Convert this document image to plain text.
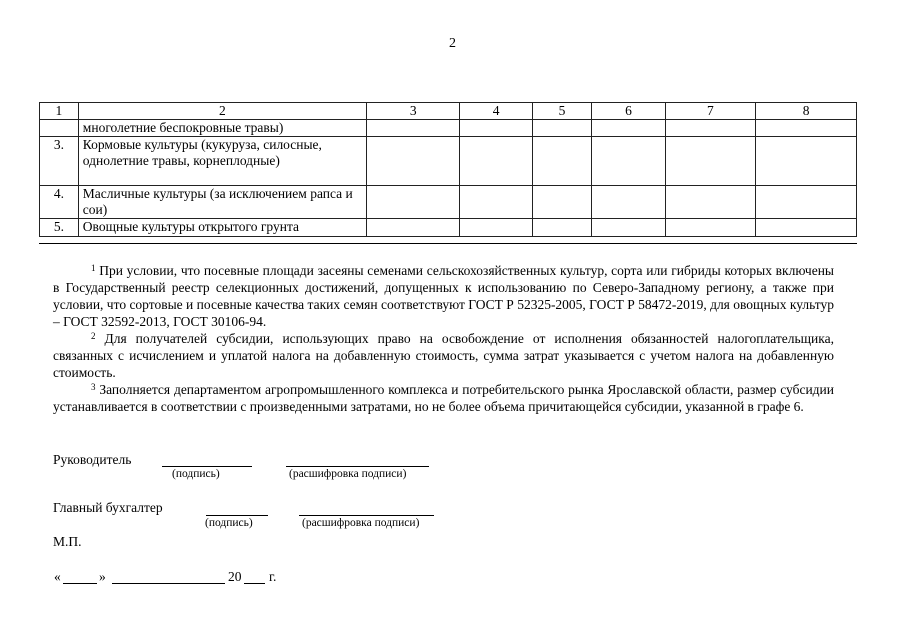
2
1	2	3	4	5	6	7	8
	многолетние беспокровные травы)						
3.	Кормовые культуры (кукуруза, силосные, однолетние травы, корнеплодные)						
4.	Масличные культуры (за исключением рапса и сои)						
5.	Овощные культуры открытого грунта						

$^1$ При условии, что посевные площади засеяны семенами сельскохозяйственных культур, сорта или гибриды которых включены в Государственный реестр селекционных достижений, допущенных к использованию по Северо-Западному региону, а также при условии, что сортовые и посевные качества таких семян соответствуют ГОСТ Р 52325-2005, ГОСТ Р 58472-2019, для овощных культур – ГОСТ 32592-2013, ГОСТ 30106-94.

$^2$ Для получателей субсидии, использующих право на освобождение от исполнения обязанностей налогоплательщика, связанных с исчислением и уплатой налога на добавленную стоимость, сумма затрат указывается с учетом налога на добавленную стоимость.

$^3$ Заполняется департаментом агропромышленного комплекса и потребительского рынка Ярославской области, размер субсидии устанавливается в соответствии с произведенными затратами, но не более объема причитающейся субсидии, указанной в графе 6.

Руководитель
(подпись)	(расшифровка подписи)
Главный бухгалтер
(подпись)	(расшифровка подписи)
М.П.
«	»	20 г.
